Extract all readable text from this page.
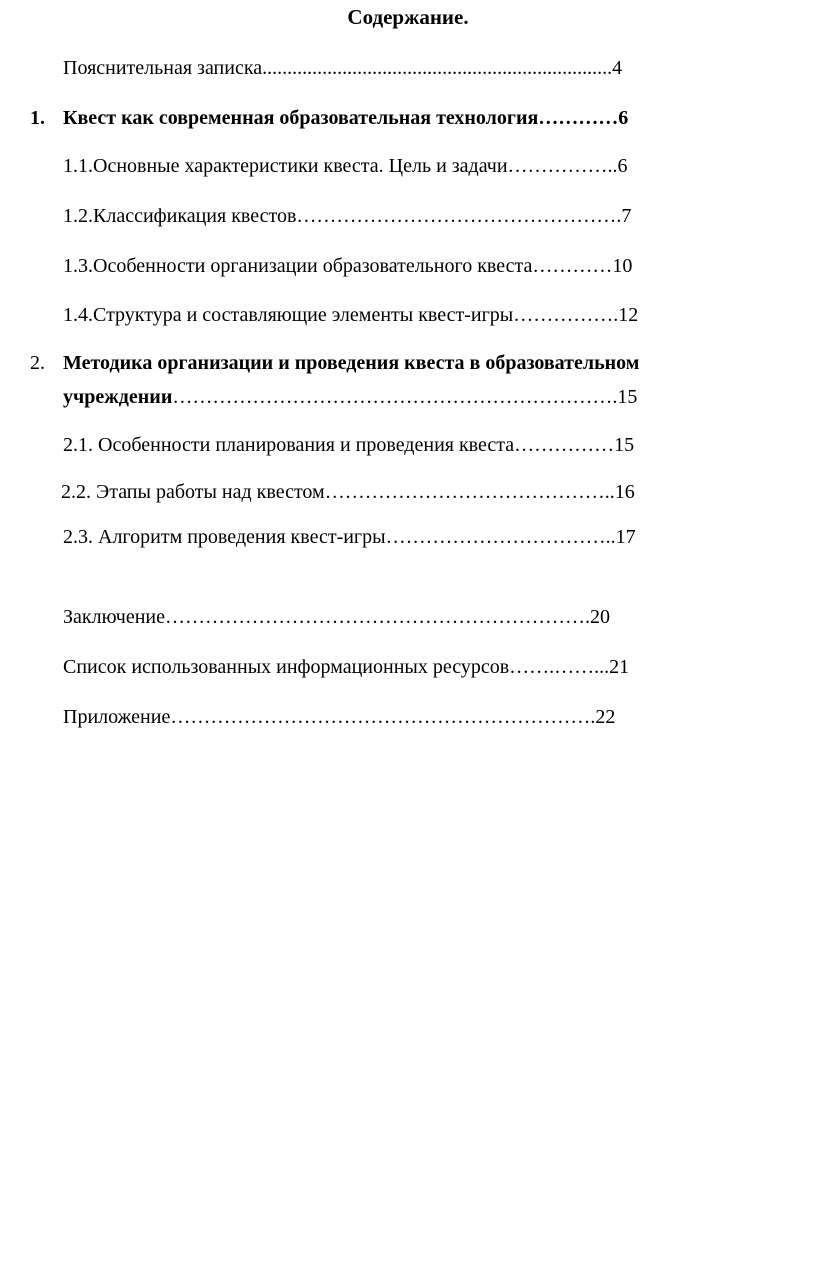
Содержание.
Пояснительная записка......................................................................4
1. Квест как современная образовательная технология…………6
1.1.Основные характеристики квеста. Цель и задачи……………..6
1.2.Классификация квестов………………………………………….7
1.3.Особенности организации образовательного квеста…………10
1.4.Структура и составляющие элементы квест-игры…………….12
2. Методика организации и проведения квеста в образовательном
учреждении………………………………………………………….15
2.1. Особенности планирования и проведения квеста……………15
2.2. Этапы работы над квестом……………………………………..16
2.3. Алгоритм проведения квест-игры……………………………..17
Заключение……………………………………………………….20
Список использованных информационных ресурсов…….……...21
Приложение……………………………………………………….22
